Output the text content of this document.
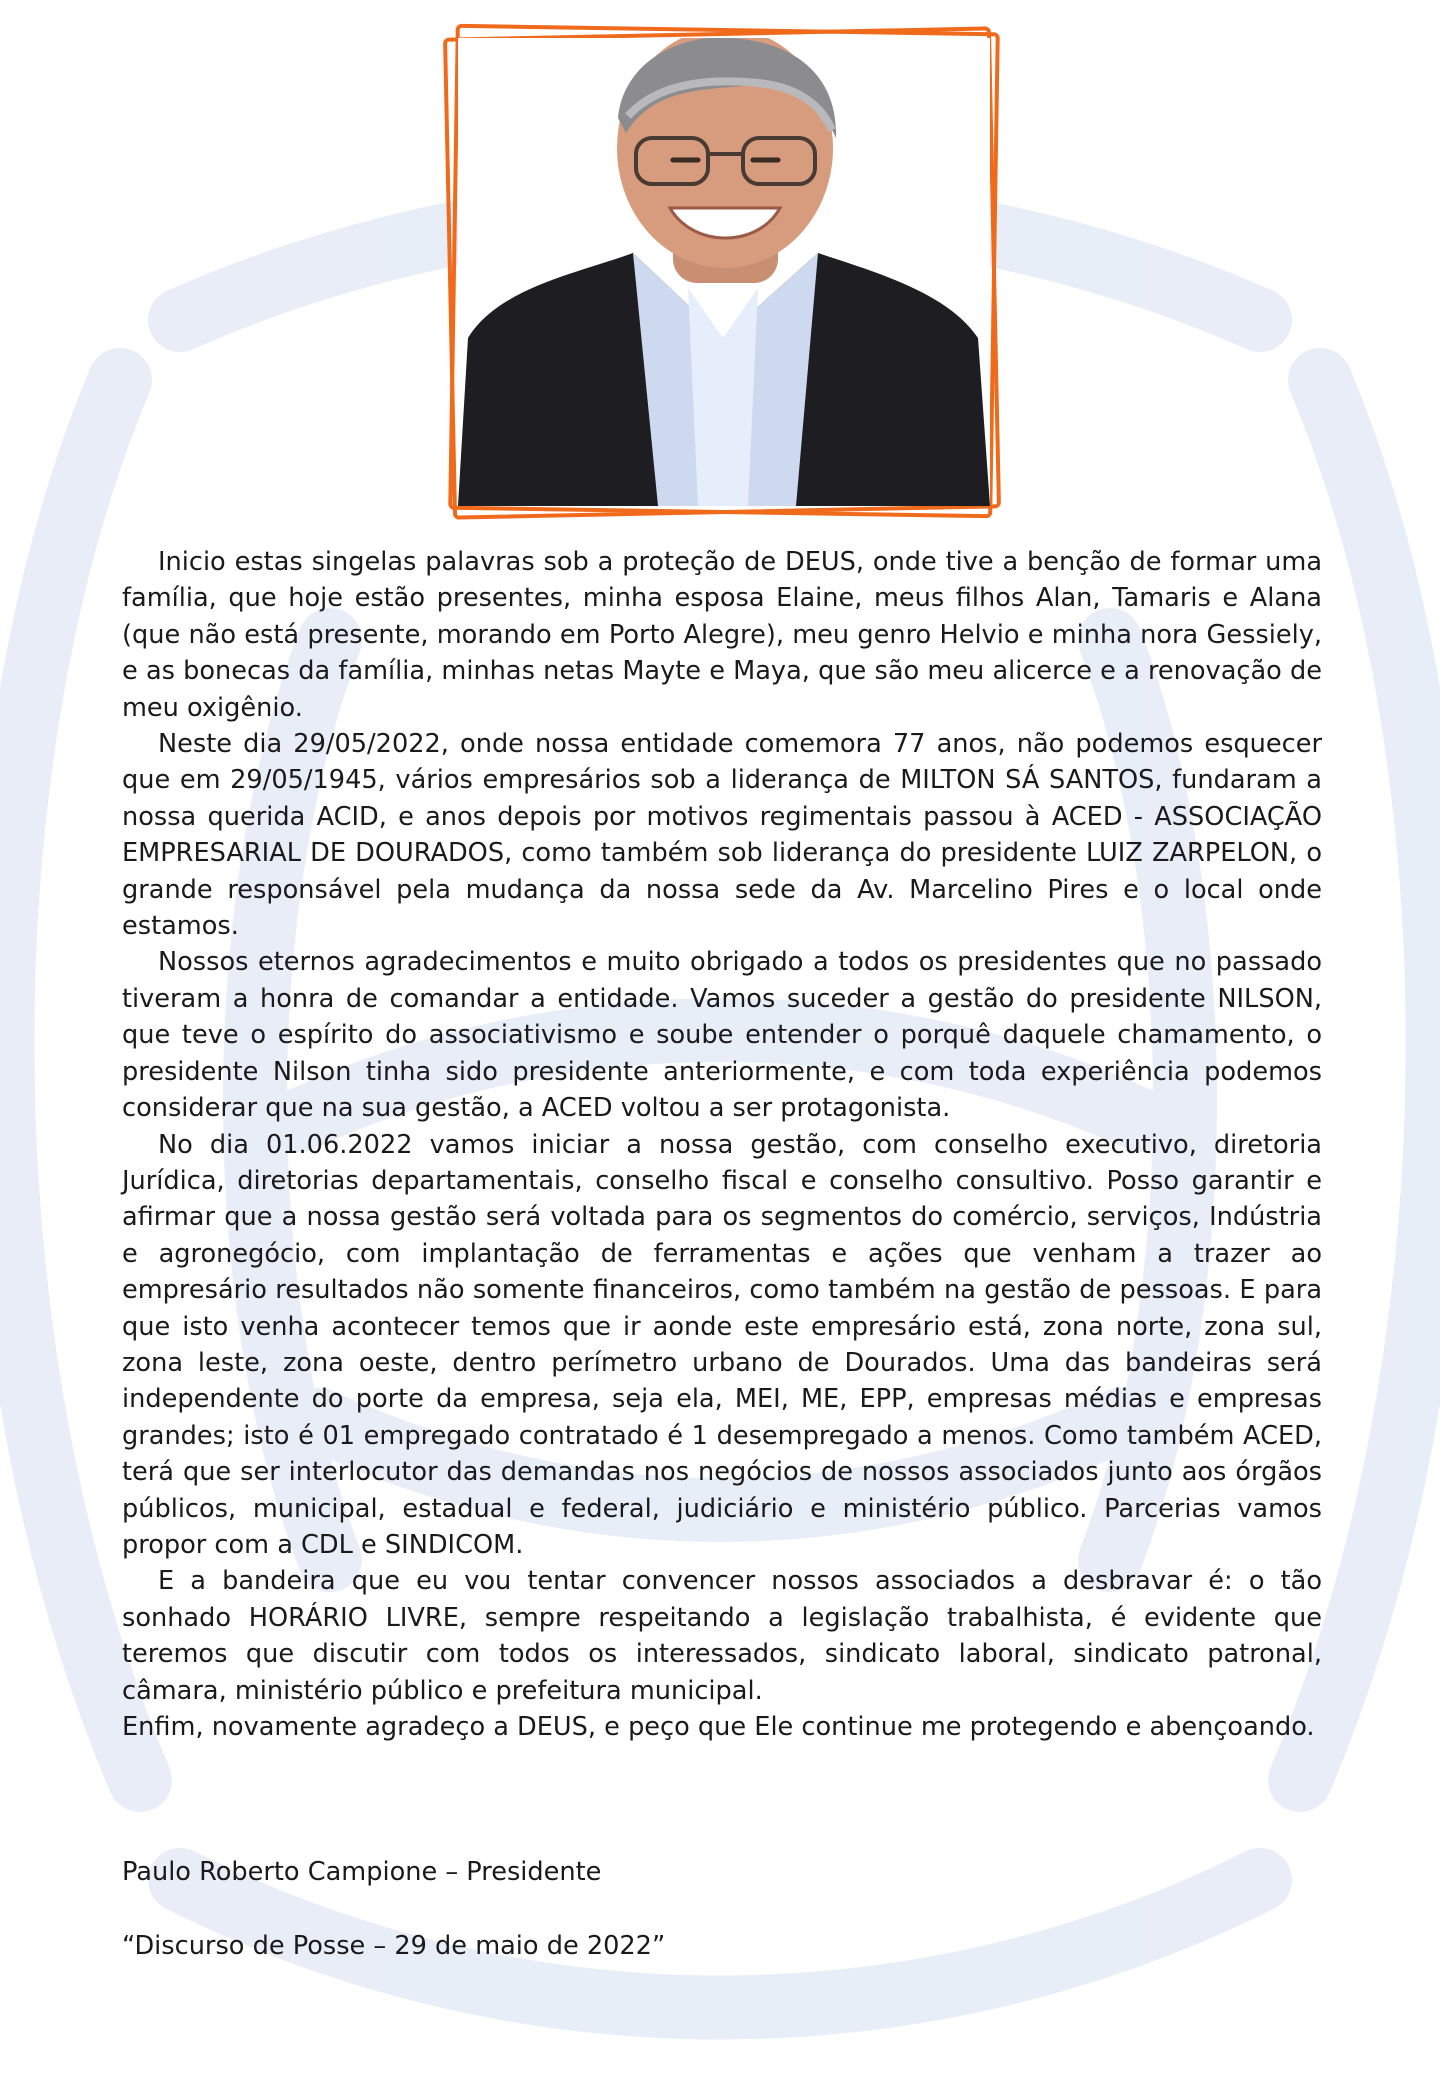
Inicio estas singelas palavras sob a proteção de DEUS, onde tive a benção de formar uma família, que hoje estão presentes, minha esposa Elaine, meus filhos Alan, Tamaris e Alana (que não está presente, morando em Porto Alegre), meu genro Helvio e minha nora Gessiely, e as bonecas da família, minhas netas Mayte e Maya, que são meu alicerce e a renovação de meu oxigênio.

Neste dia 29/05/2022, onde nossa entidade comemora 77 anos, não podemos esquecer que em 29/05/1945, vários empresários sob a liderança de MILTON SÁ SANTOS, fundaram a nossa querida ACID, e anos depois por motivos regimentais passou à ACED - ASSOCIAÇÃO EMPRESARIAL DE DOURADOS, como também sob liderança do presidente LUIZ ZARPELON, o grande responsável pela mudança da nossa sede da Av. Marcelino Pires e o local onde estamos.

Nossos eternos agradecimentos e muito obrigado a todos os presidentes que no passado tiveram a honra de comandar a entidade. Vamos suceder a gestão do presidente NILSON, que teve o espírito do associativismo e soube entender o porquê daquele chamamento, o presidente Nilson tinha sido presidente anteriormente, e com toda experiência podemos considerar que na sua gestão, a ACED voltou a ser protagonista.

No dia 01.06.2022 vamos iniciar a nossa gestão, com conselho executivo, diretoria Jurídica, diretorias departamentais, conselho fiscal e conselho consultivo. Posso garantir e afirmar que a nossa gestão será voltada para os segmentos do comércio, serviços, Indústria e agronegócio, com implantação de ferramentas e ações que venham a trazer ao empresário resultados não somente financeiros, como também na gestão de pessoas. E para que isto venha acontecer temos que ir aonde este empresário está, zona norte, zona sul, zona leste, zona oeste, dentro perímetro urbano de Dourados. Uma das bandeiras será independente do porte da empresa, seja ela, MEI, ME, EPP, empresas médias e empresas grandes; isto é 01 empregado contratado é 1 desempregado a menos. Como também ACED, terá que ser interlocutor das demandas nos negócios de nossos associados junto aos órgãos públicos, municipal, estadual e federal, judiciário e ministério público. Parcerias vamos propor com a CDL e SINDICOM.

E a bandeira que eu vou tentar convencer nossos associados a desbravar é: o tão sonhado HORÁRIO LIVRE, sempre respeitando a legislação trabalhista, é evidente que teremos que discutir com todos os interessados, sindicato laboral, sindicato patronal, câmara, ministério público e prefeitura municipal.

Enfim, novamente agradeço a DEUS, e peço que Ele continue me protegendo e abençoando.

Paulo Roberto Campione – Presidente
“Discurso de Posse – 29 de maio de 2022”
